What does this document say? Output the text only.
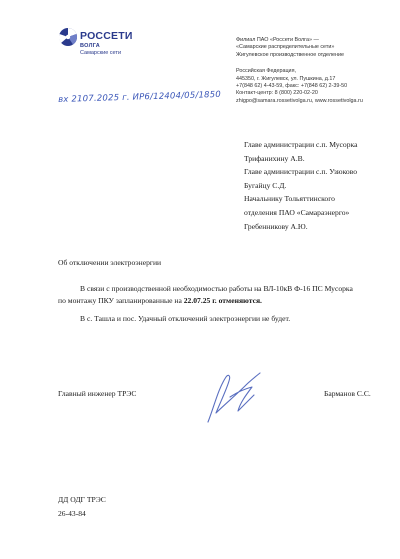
РОССЕТИ
ВОЛГА
Самарские сети
Филиал ПАО «Россети Волга» —
«Самарские распределительные сети»
Жигулевское производственное отделение
Российская Федерация,
445350, г. Жигулевск, ул. Пушкина, д.17
+7(848 62) 4-43-59, факс: +7(848 62) 2-39-50
Контакт-центр: 8 (800) 220-02-20
zhigpo@samara.rossetivolga.ru, www.rossetivolga.ru
вх 2107.2025 г. ИР6/12404/05/1850
Главе администрации с.п. Мусорка
Трифанихину А.В.
Главе администрации с.п. Узюково
Бугайцу С.Д.
Начальнику Тольяттинского
отделения ПАО «Самараэнерго»
Гребенникову А.Ю.
Об отключении электроэнергии

В связи с производственной необходимостью работы на ВЛ-10кВ Ф-16 ПС Мусорка

по монтажу ПКУ запланированные на 22.07.25 г. отменяются.

В с. Ташла и пос. Удачный отключений электроэнергии не будет.

Главный инженер ТРЭС	Барманов С.С.
ДД ОДГ ТРЭС
26-43-84
